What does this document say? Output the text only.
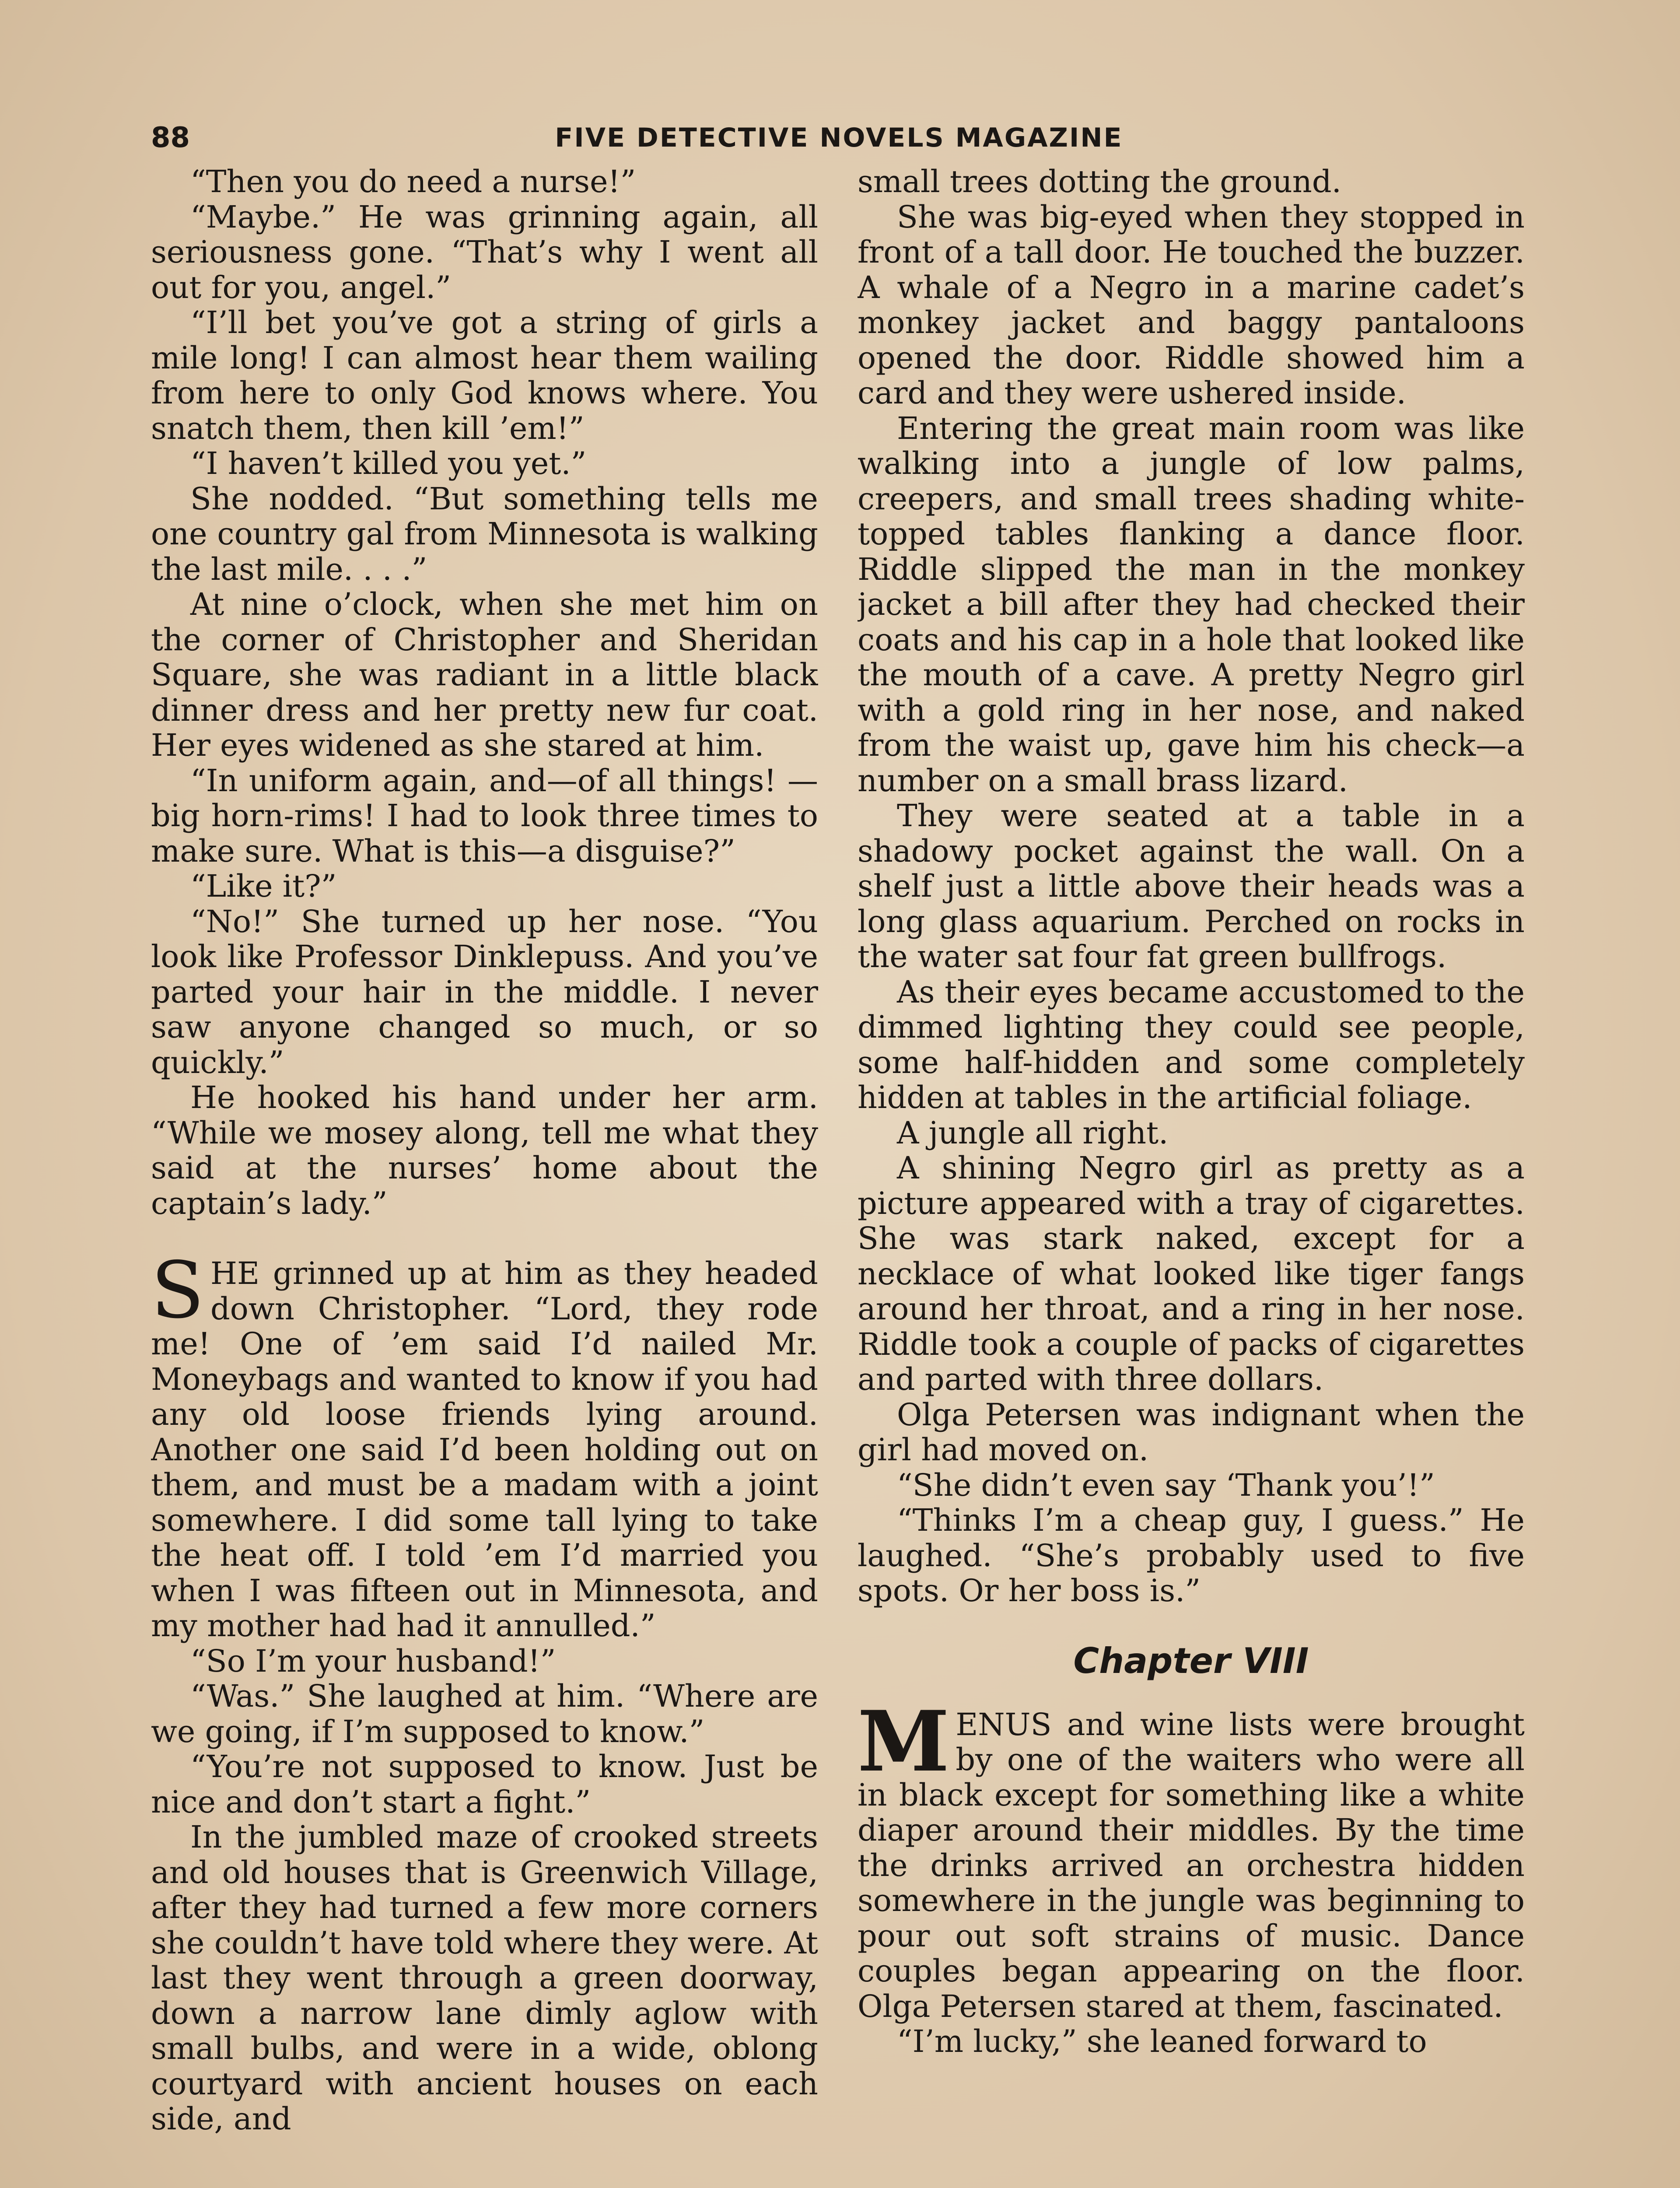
88	FIVE DETECTIVE NOVELS MAGAZINE

“Then you do need a nurse!”

“Maybe.” He was grinning again, all seriousness gone. “That’s why I went all out for you, angel.”

“I’ll bet you’ve got a string of girls a mile long! I can almost hear them wailing from here to only God knows where. You snatch them, then kill ’em!”

“I haven’t killed you yet.”

She nodded. “But something tells me one country gal from Minnesota is walking the last mile. . . .”

At nine o’clock, when she met him on the corner of Christopher and Sheridan Square, she was radiant in a little black dinner dress and her pretty new fur coat. Her eyes widened as she stared at him.

“In uniform again, and—of all things! —big horn-rims! I had to look three times to make sure. What is this—a disguise?”

“Like it?”

“No!” She turned up her nose. “You look like Professor Dinklepuss. And you’ve parted your hair in the middle. I never saw anyone changed so much, or so quickly.”

He hooked his hand under her arm. “While we mosey along, tell me what they said at the nurses’ home about the captain’s lady.”

SHE grinned up at him as they headed down Christopher. “Lord, they rode me! One of ’em said I’d nailed Mr. Moneybags and wanted to know if you had any old loose friends lying around. Another one said I’d been holding out on them, and must be a madam with a joint somewhere. I did some tall lying to take the heat off. I told ’em I’d married you when I was fifteen out in Minnesota, and my mother had had it annulled.”

“So I’m your husband!”

“Was.” She laughed at him. “Where are we going, if I’m supposed to know.”

“You’re not supposed to know. Just be nice and don’t start a fight.”

In the jumbled maze of crooked streets and old houses that is Greenwich Village, after they had turned a few more corners she couldn’t have told where they were. At last they went through a green doorway, down a narrow lane dimly aglow with small bulbs, and were in a wide, oblong courtyard with ancient houses on each side, and

small trees dotting the ground.

She was big-eyed when they stopped in front of a tall door. He touched the buzzer. A whale of a Negro in a marine cadet’s monkey jacket and baggy pantaloons opened the door. Riddle showed him a card and they were ushered inside.

Entering the great main room was like walking into a jungle of low palms, creepers, and small trees shading white-topped tables flanking a dance floor. Riddle slipped the man in the monkey jacket a bill after they had checked their coats and his cap in a hole that looked like the mouth of a cave. A pretty Negro girl with a gold ring in her nose, and naked from the waist up, gave him his check—a number on a small brass lizard.

They were seated at a table in a shadowy pocket against the wall. On a shelf just a little above their heads was a long glass aquarium. Perched on rocks in the water sat four fat green bullfrogs.

As their eyes became accustomed to the dimmed lighting they could see people, some half-hidden and some completely hidden at tables in the artificial foliage.

A jungle all right.

A shining Negro girl as pretty as a picture appeared with a tray of cigarettes. She was stark naked, except for a necklace of what looked like tiger fangs around her throat, and a ring in her nose. Riddle took a couple of packs of cigarettes and parted with three dollars.

Olga Petersen was indignant when the girl had moved on.

“She didn’t even say ‘Thank you’!”

“Thinks I’m a cheap guy, I guess.” He laughed. “She’s probably used to five spots. Or her boss is.”

Chapter VIII

MENUS and wine lists were brought by one of the waiters who were all in black except for something like a white diaper around their middles. By the time the drinks arrived an orchestra hidden somewhere in the jungle was beginning to pour out soft strains of music. Dance couples began appearing on the floor. Olga Petersen stared at them, fascinated.

“I’m lucky,” she leaned forward to
